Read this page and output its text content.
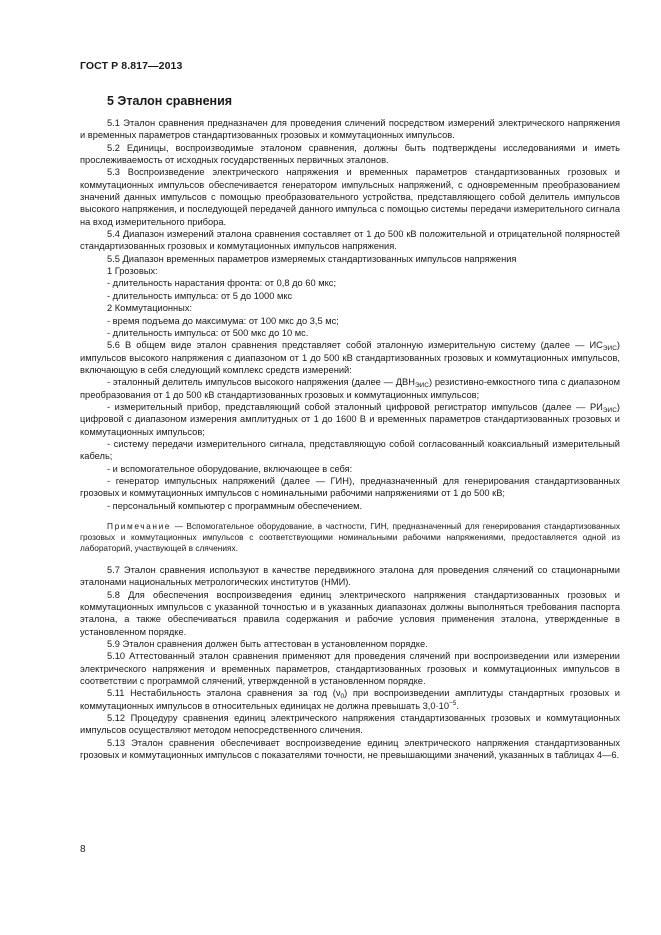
ГОСТ Р 8.817—2013
5 Эталон сравнения

5.1 Эталон сравнения предназначен для проведения сличений посредством измерений электрического напряжения и временных параметров стандартизованных грозовых и коммутационных импульсов.

5.2 Единицы, воспроизводимые эталоном сравнения, должны быть подтверждены исследованиями и иметь прослеживаемость от исходных государственных первичных эталонов.

5.3 Воспроизведение электрического напряжения и временных параметров стандартизованных грозовых и коммутационных импульсов обеспечивается генератором импульсных напряжений, с одновременным преобразованием значений данных импульсов с помощью преобразовательного устройства, представляющего собой делитель импульсов высокого напряжения, и последующей передачей данного импульса с помощью системы передачи измерительного сигнала на вход измерительного прибора.

5.4 Диапазон измерений эталона сравнения составляет от 1 до 500 кВ положительной и отрицательной полярностей стандартизованных грозовых и коммутационных импульсов напряжения.

5.5 Диапазон временных параметров измеряемых стандартизованных импульсов напряжения

1 Грозовых:

- длительность нарастания фронта: от 0,8 до 60 мкс;

- длительность импульса: от 5 до 1000 мкс

2 Коммутационных:

- время подъема до максимума: от 100 мкс до 3,5 мс;

- длительность импульса: от 500 мкс до 10 мс.

5.6 В общем виде эталон сравнения представляет собой эталонную измерительную систему (далее — $ИС_{ЭИС}$) импульсов высокого напряжения с диапазоном от 1 до 500 кВ стандартизованных грозовых и коммутационных импульсов, включающую в себя следующий комплекс средств измерений:

- эталонный делитель импульсов высокого напряжения (далее — $ДВН_{ЭИС}$) резистивно-емкостного типа с диапазоном преобразования от 1 до 500 кВ стандартизованных грозовых и коммутационных импульсов;

- измерительный прибор, представляющий собой эталонный цифровой регистратор импульсов (далее — $РИ_{ЭИС}$) цифровой с диапазоном измерения амплитудных от 1 до 1600 В и временных параметров стандартизованных грозовых и коммутационных импульсов;

- систему передачи измерительного сигнала, представляющую собой согласованный коаксиальный измерительный кабель;

- и вспомогательное оборудование, включающее в себя:

- генератор импульсных напряжений (далее — ГИН), предназначенный для генерирования стандартизованных грозовых и коммутационных импульсов с номинальными рабочими напряжениями от 1 до 500 кВ;

- персональный компьютер с программным обеспечением.

Примечание — Вспомогательное оборудование, в частности, ГИН, предназначенный для генерирования стандартизованных грозовых и коммутационных импульсов с соответствующими номинальными рабочими напряжениями, предоставляется одной из лабораторий, участвующей в слячениях.

5.7 Эталон сравнения используют в качестве передвижного эталона для проведения слячений со стационарными эталонами национальных метрологических институтов (НМИ).

5.8 Для обеспечения воспроизведения единиц электрического напряжения стандартизованных грозовых и коммутационных импульсов с указанной точностью и в указанных диапазонах должны выполняться требования паспорта эталона, а также обеспечиваться правила содержания и рабочие условия применения эталона, утвержденные в установленном порядке.

5.9 Эталон сравнения должен быть аттестован в установленном порядке.

5.10 Аттестованный эталон сравнения применяют для проведения слячений при воспроизведении или измерении электрического напряжения и временных параметров, стандартизованных грозовых и коммутационных импульсов в соответствии с программой слячений, утвержденной в установленном порядке.

5.11 Нестабильность эталона сравнения за год $(\nu_0)$ при воспроизведении амплитуды стандартных грозовых и коммутационных импульсов в относительных единицах не должна превышать $3,0\cdot 10^{-5}$.

5.12 Процедуру сравнения единиц электрического напряжения стандартизованных грозовых и коммутационных импульсов осуществляют методом непосредственного сличения.

5.13 Эталон сравнения обеспечивает воспроизведение единиц электрического напряжения стандартизованных грозовых и коммутационных импульсов с показателями точности, не превышающими значений, указанных в таблицах 4—6.

8
